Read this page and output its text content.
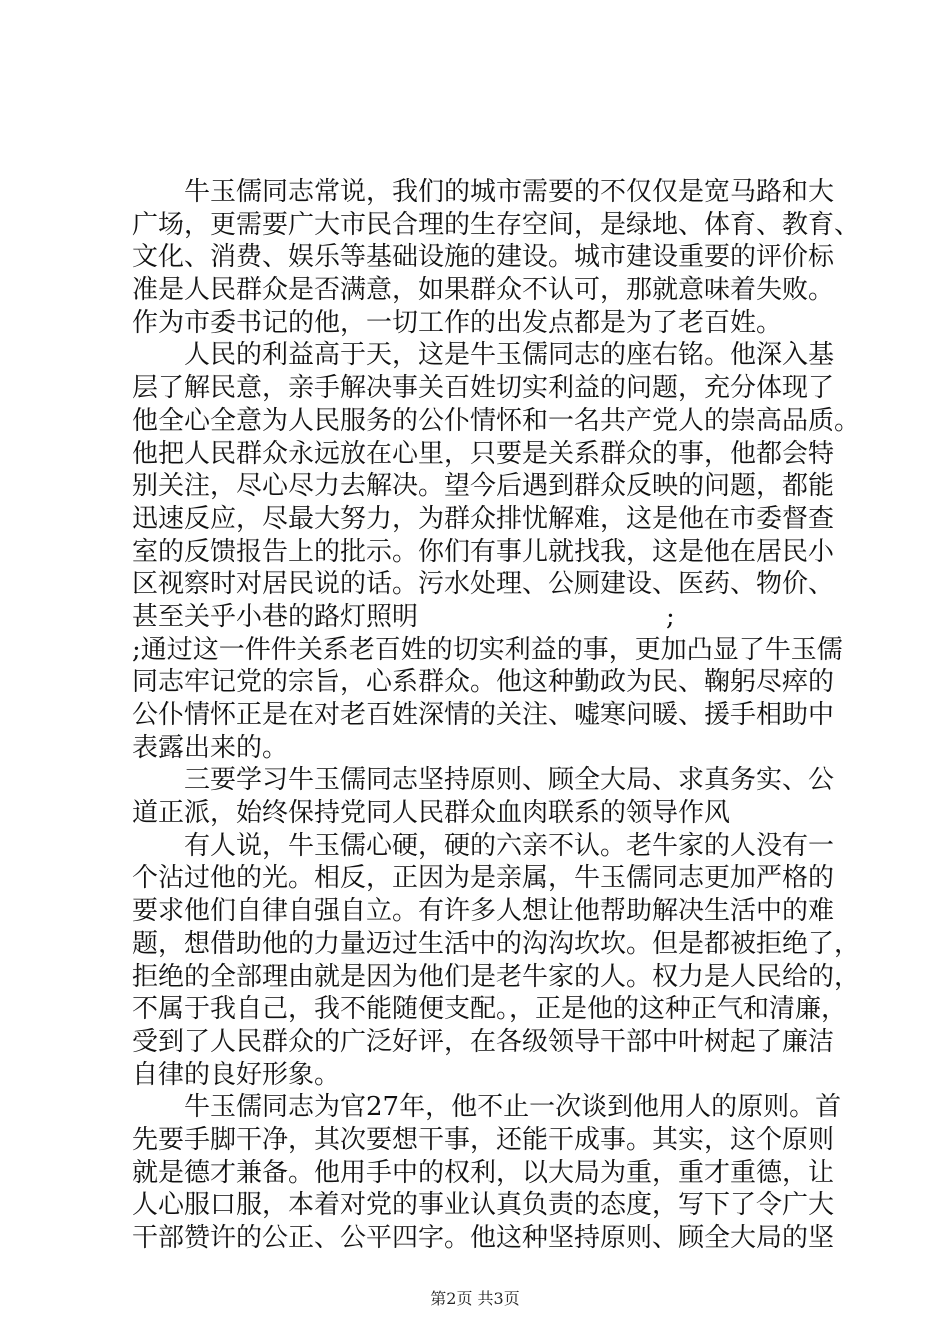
牛玉儒同志常说，我们的城市需要的不仅仅是宽马路和大
广场，更需要广大市民合理的生存空间，是绿地、体育、教育、
文化、消费、娱乐等基础设施的建设。城市建设重要的评价标
准是人民群众是否满意，如果群众不认可，那就意味着失败。
作为市委书记的他，一切工作的出发点都是为了老百姓。
人民的利益高于天，这是牛玉儒同志的座右铭。他深入基
层了解民意，亲手解决事关百姓切实利益的问题，充分体现了
他全心全意为人民服务的公仆情怀和一名共产党人的崇高品质。
他把人民群众永远放在心里，只要是关系群众的事，他都会特
别关注，尽心尽力去解决。望今后遇到群众反映的问题，都能
迅速反应，尽最大努力，为群众排忧解难，这是他在市委督查
室的反馈报告上的批示。你们有事儿就找我，这是他在居民小
区视察时对居民说的话。污水处理、公厕建设、医药、物价、
甚至关乎小巷的路灯照明                              ;
;通过这一件件关系老百姓的切实利益的事，更加凸显了牛玉儒
同志牢记党的宗旨，心系群众。他这种勤政为民、鞠躬尽瘁的
公仆情怀正是在对老百姓深情的关注、嘘寒问暖、援手相助中
表露出来的。
三要学习牛玉儒同志坚持原则、顾全大局、求真务实、公
道正派，始终保持党同人民群众血肉联系的领导作风
有人说，牛玉儒心硬，硬的六亲不认。老牛家的人没有一
个沾过他的光。相反，正因为是亲属，牛玉儒同志更加严格的
要求他们自律自强自立。有许多人想让他帮助解决生活中的难
题，想借助他的力量迈过生活中的沟沟坎坎。但是都被拒绝了，
拒绝的全部理由就是因为他们是老牛家的人。权力是人民给的，
不属于我自己，我不能随便支配。，正是他的这种正气和清廉，
受到了人民群众的广泛好评，在各级领导干部中叶树起了廉洁
自律的良好形象。
牛玉儒同志为官27年，他不止一次谈到他用人的原则。首
先要手脚干净，其次要想干事，还能干成事。其实，这个原则
就是德才兼备。他用手中的权利，以大局为重，重才重德，让
人心服口服，本着对党的事业认真负责的态度，写下了令广大
干部赞许的公正、公平四字。他这种坚持原则、顾全大局的坚
第2页 共3页
